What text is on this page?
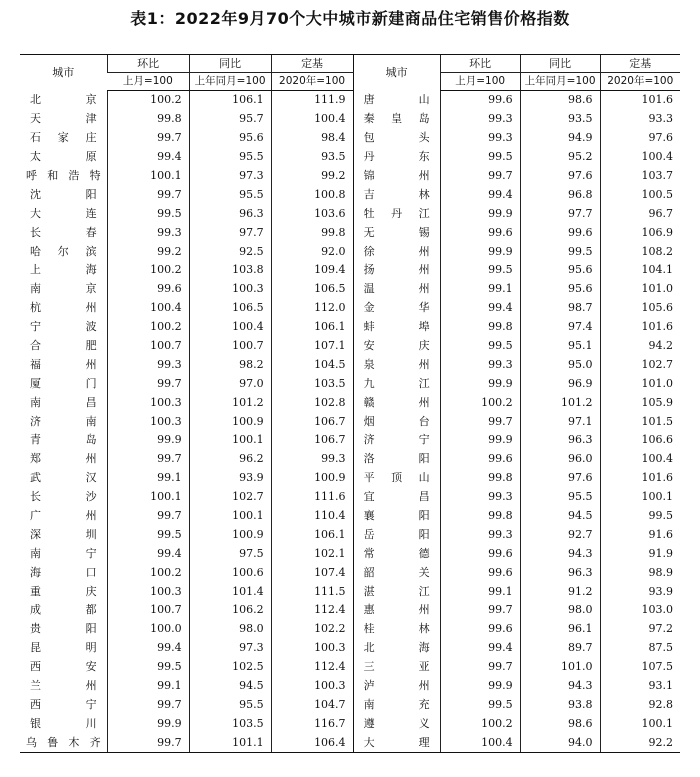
表1：2022年9月70个大中城市新建商品住宅销售价格指数
城市	环比	同比	定基	城市	环比	同比	定基
	上月=100	上年同月=100	2020年=100		上月=100	上年同月=100	2020年=100
北京	100.2	106.1	111.9	唐山	99.6	98.6	101.6
天津	99.8	95.7	100.4	秦皇岛	99.3	93.5	93.3
石家庄	99.7	95.6	98.4	包头	99.3	94.9	97.6
太原	99.4	95.5	93.5	丹东	99.5	95.2	100.4
呼和浩特	100.1	97.3	99.2	锦州	99.7	97.6	103.7
沈阳	99.7	95.5	100.8	吉林	99.4	96.8	100.5
大连	99.5	96.3	103.6	牡丹江	99.9	97.7	96.7
长春	99.3	97.7	99.8	无锡	99.6	99.6	106.9
哈尔滨	99.2	92.5	92.0	徐州	99.9	99.5	108.2
上海	100.2	103.8	109.4	扬州	99.5	95.6	104.1
南京	99.6	100.3	106.5	温州	99.1	95.6	101.0
杭州	100.4	106.5	112.0	金华	99.4	98.7	105.6
宁波	100.2	100.4	106.1	蚌埠	99.8	97.4	101.6
合肥	100.7	100.7	107.1	安庆	99.5	95.1	94.2
福州	99.3	98.2	104.5	泉州	99.3	95.0	102.7
厦门	99.7	97.0	103.5	九江	99.9	96.9	101.0
南昌	100.3	101.2	102.8	赣州	100.2	101.2	105.9
济南	100.3	100.9	106.7	烟台	99.7	97.1	101.5
青岛	99.9	100.1	106.7	济宁	99.9	96.3	106.6
郑州	99.7	96.2	99.3	洛阳	99.6	96.0	100.4
武汉	99.1	93.9	100.9	平顶山	99.8	97.6	101.6
长沙	100.1	102.7	111.6	宜昌	99.3	95.5	100.1
广州	99.7	100.1	110.4	襄阳	99.8	94.5	99.5
深圳	99.5	100.9	106.1	岳阳	99.3	92.7	91.6
南宁	99.4	97.5	102.1	常德	99.6	94.3	91.9
海口	100.2	100.6	107.4	韶关	99.6	96.3	98.9
重庆	100.3	101.4	111.5	湛江	99.1	91.2	93.9
成都	100.7	106.2	112.4	惠州	99.7	98.0	103.0
贵阳	100.0	98.0	102.2	桂林	99.6	96.1	97.2
昆明	99.4	97.3	100.3	北海	99.4	89.7	87.5
西安	99.5	102.5	112.4	三亚	99.7	101.0	107.5
兰州	99.1	94.5	100.3	泸州	99.9	94.3	93.1
西宁	99.7	95.5	104.7	南充	99.5	93.8	92.8
银川	99.9	103.5	116.7	遵义	100.2	98.6	100.1
乌鲁木齐	99.7	101.1	106.4	大理	100.4	94.0	92.2
